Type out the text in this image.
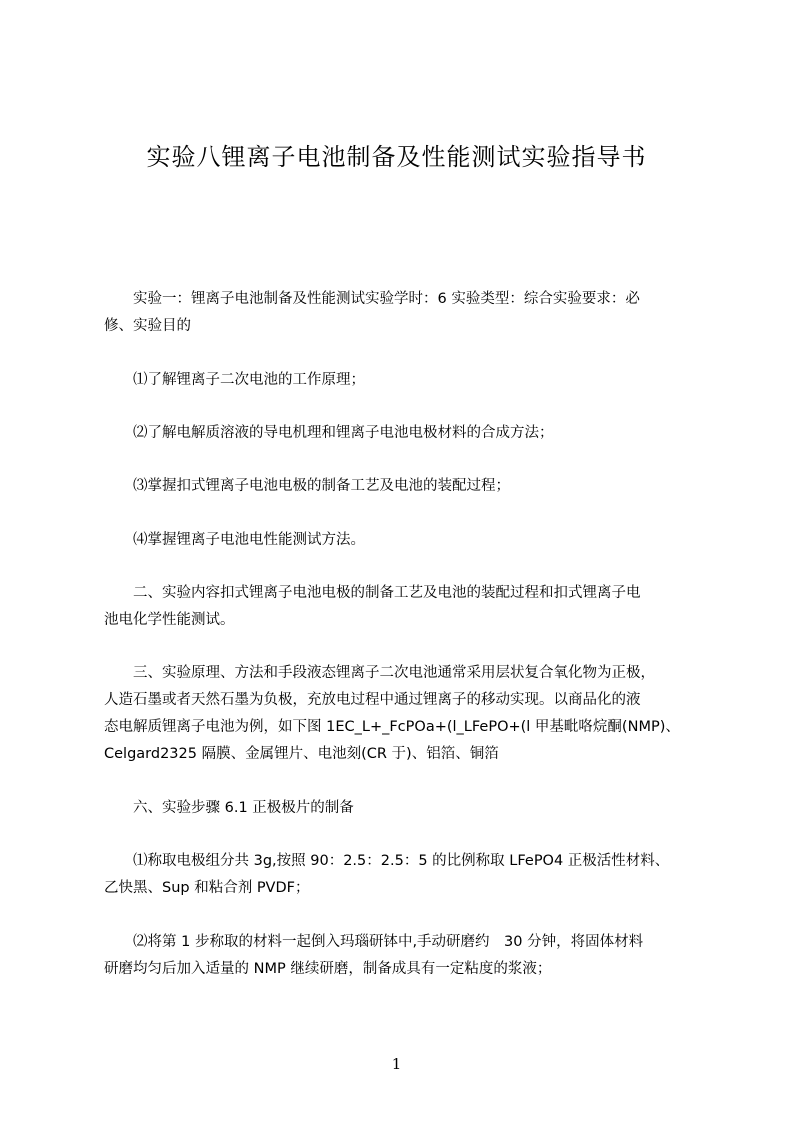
实验八锂离子电池制备及性能测试实验指导书

　　实验一：锂离子电池制备及性能测试实验学时：6 实验类型：综合实验要求：必
修、实验目的

　　⑴了解锂离子二次电池的工作原理；

　　⑵了解电解质溶液的导电机理和锂离子电池电极材料的合成方法；

　　⑶掌握扣式锂离子电池电极的制备工艺及电池的装配过程；

　　⑷掌握锂离子电池电性能测试方法。

　　二、实验内容扣式锂离子电池电极的制备工艺及电池的装配过程和扣式锂离子电
池电化学性能测试。

　　三、实验原理、方法和手段液态锂离子二次电池通常采用层状复合氧化物为正极，
人造石墨或者天然石墨为负极，充放电过程中通过锂离子的移动实现。以商品化的液
态电解质锂离子电池为例，如下图 1EC_L+_FcPOa+(l_LFePO+(l 甲基毗咯烷酮(NMP)、
Celgard2325 隔膜、金属锂片、电池刻(CR 于)、铝箔、铜箔

　　六、实验步骤 6.1 正极极片的制备

　　⑴称取电极组分共 3g,按照 90：2.5：2.5：5 的比例称取 LFePO4 正极活性材料、
乙快黑、Sup 和粘合剂 PVDF；

　　⑵将第 1 步称取的材料一起倒入玛瑙研钵中,手动研磨约　30 分钟，将固体材料
研磨均匀后加入适量的 NMP 继续研磨，制备成具有一定粘度的浆液；

1
